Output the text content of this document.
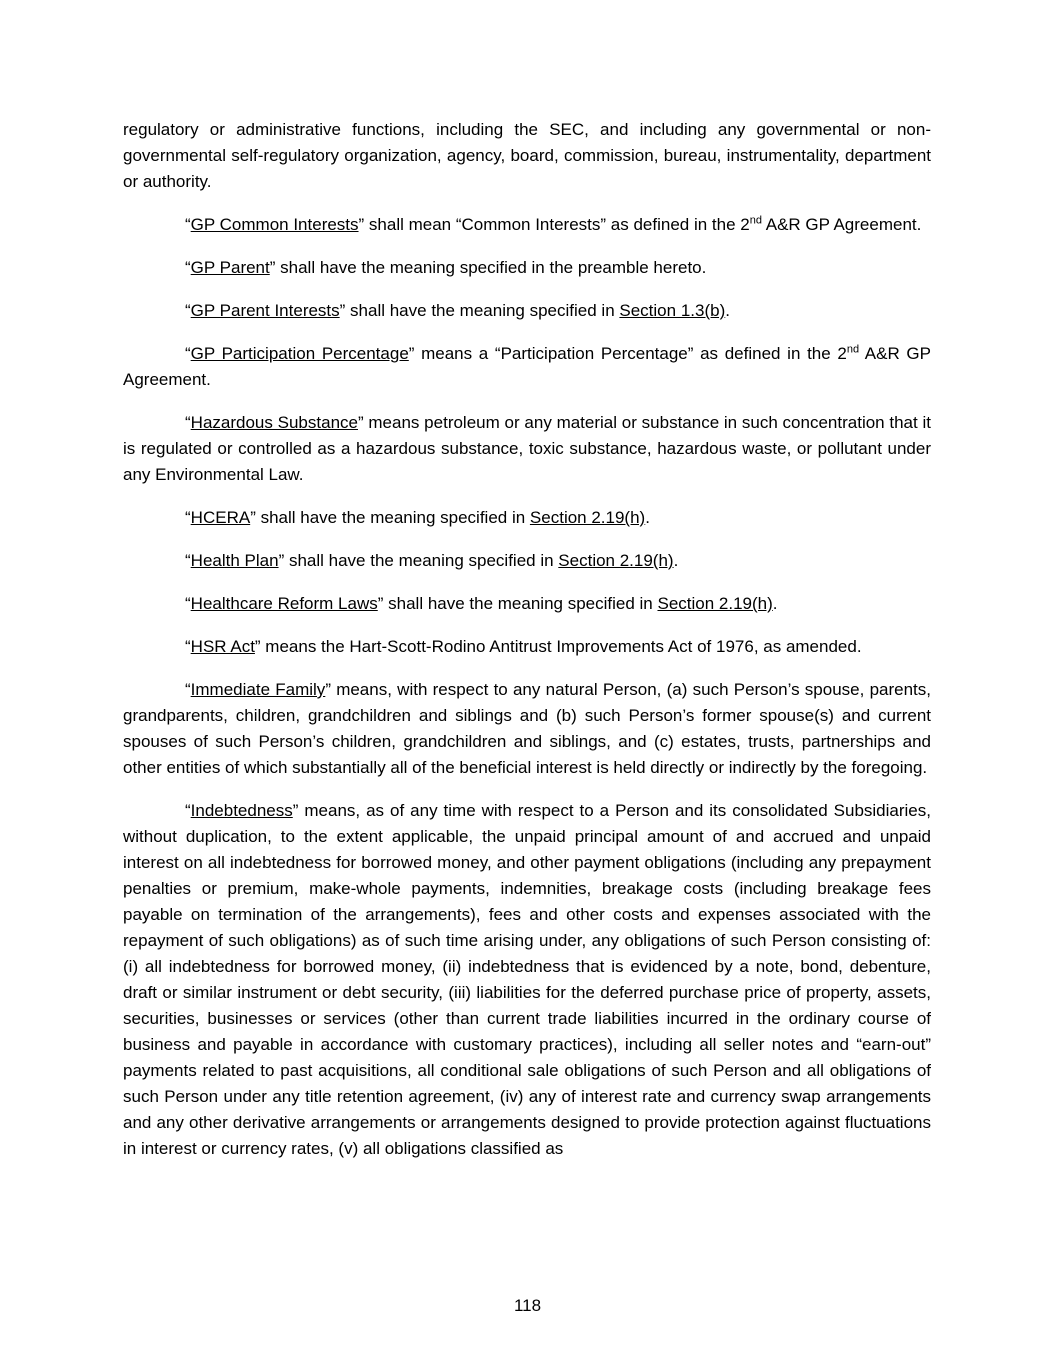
regulatory or administrative functions, including the SEC, and including any governmental or non-governmental self-regulatory organization, agency, board, commission, bureau, instrumentality, department or authority.

“GP Common Interests” shall mean “Common Interests” as defined in the 2nd A&R GP Agreement.

“GP Parent” shall have the meaning specified in the preamble hereto.

“GP Parent Interests” shall have the meaning specified in Section 1.3(b).

“GP Participation Percentage” means a “Participation Percentage” as defined in the 2nd A&R GP Agreement.

“Hazardous Substance” means petroleum or any material or substance in such concentration that it is regulated or controlled as a hazardous substance, toxic substance, hazardous waste, or pollutant under any Environmental Law.

“HCERA” shall have the meaning specified in Section 2.19(h).

“Health Plan” shall have the meaning specified in Section 2.19(h).

“Healthcare Reform Laws” shall have the meaning specified in Section 2.19(h).

“HSR Act” means the Hart-Scott-Rodino Antitrust Improvements Act of 1976, as amended.

“Immediate Family” means, with respect to any natural Person, (a) such Person’s spouse, parents, grandparents, children, grandchildren and siblings and (b) such Person’s former spouse(s) and current spouses of such Person’s children, grandchildren and siblings, and (c) estates, trusts, partnerships and other entities of which substantially all of the beneficial interest is held directly or indirectly by the foregoing.

“Indebtedness” means, as of any time with respect to a Person and its consolidated Subsidiaries, without duplication, to the extent applicable, the unpaid principal amount of and accrued and unpaid interest on all indebtedness for borrowed money, and other payment obligations (including any prepayment penalties or premium, make-whole payments, indemnities, breakage costs (including breakage fees payable on termination of the arrangements), fees and other costs and expenses associated with the repayment of such obligations) as of such time arising under, any obligations of such Person consisting of: (i) all indebtedness for borrowed money, (ii) indebtedness that is evidenced by a note, bond, debenture, draft or similar instrument or debt security, (iii) liabilities for the deferred purchase price of property, assets, securities, businesses or services (other than current trade liabilities incurred in the ordinary course of business and payable in accordance with customary practices), including all seller notes and “earn-out” payments related to past acquisitions, all conditional sale obligations of such Person and all obligations of such Person under any title retention agreement, (iv) any of interest rate and currency swap arrangements and any other derivative arrangements or arrangements designed to provide protection against fluctuations in interest or currency rates, (v) all obligations classified as

118
